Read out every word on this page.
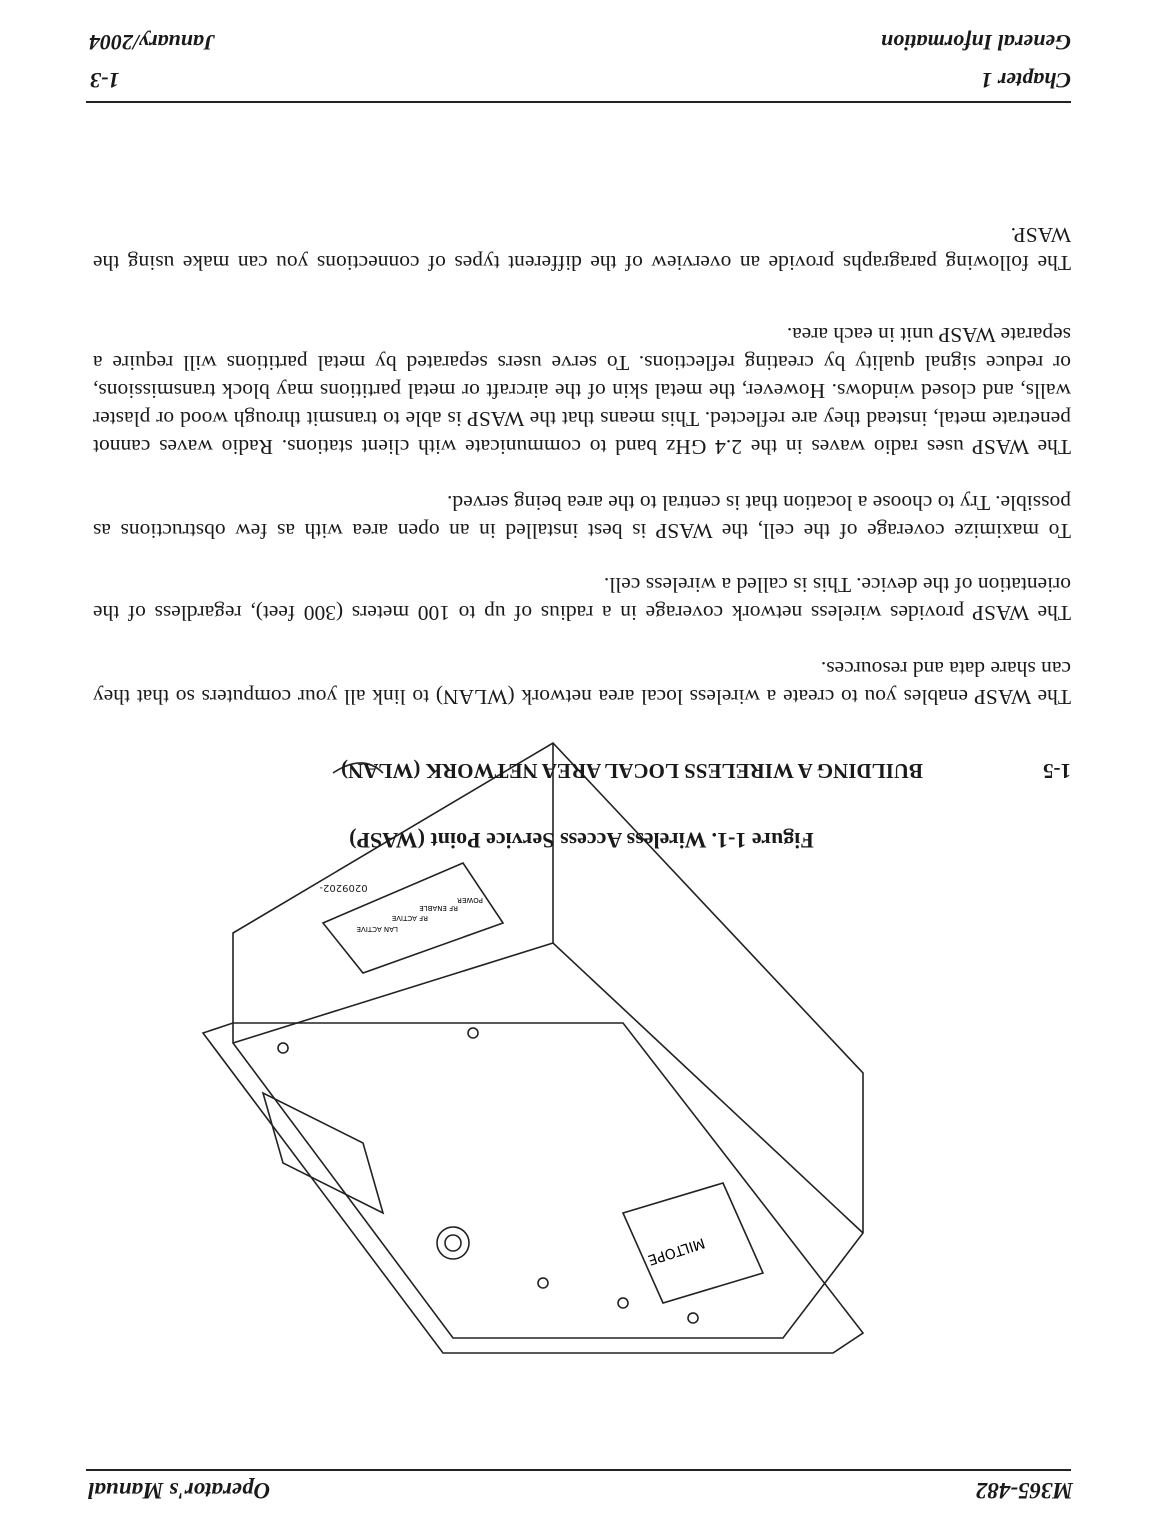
M365-482
Operator's Manual
MILTOPE
POWER
RF ENABLE
RF ACTIVE
LAN ACTIVE
0209202-
Figure 1-1. Wireless Access Service Point (WASP)
1-5
BUILDING A WIRELESS LOCAL AREA NETWORK (WLAN)
The WASP enables you to create a wireless local area network (WLAN) to link all your computers so that they can share data and resources.
The WASP provides wireless network coverage in a radius of up to 100 meters (300 feet), regardless of the orientation of the device. This is called a wireless cell.
To maximize coverage of the cell, the WASP is best installed in an open area with as few obstructions as possible. Try to choose a location that is central to the area being served.
The WASP uses radio waves in the 2.4 GHz band to communicate with client stations. Radio waves cannot penetrate metal, instead they are reflected. This means that the WASP is able to transmit through wood or plaster walls, and closed windows. However, the metal skin of the aircraft or metal partitions may block transmissions, or reduce signal quality by creating reflections. To serve users separated by metal partitions will require a separate WASP unit in each area.
The following paragraphs provide an overview of the different types of connections you can make using the WASP.
Chapter 1
1-3
General Information
January/2004
